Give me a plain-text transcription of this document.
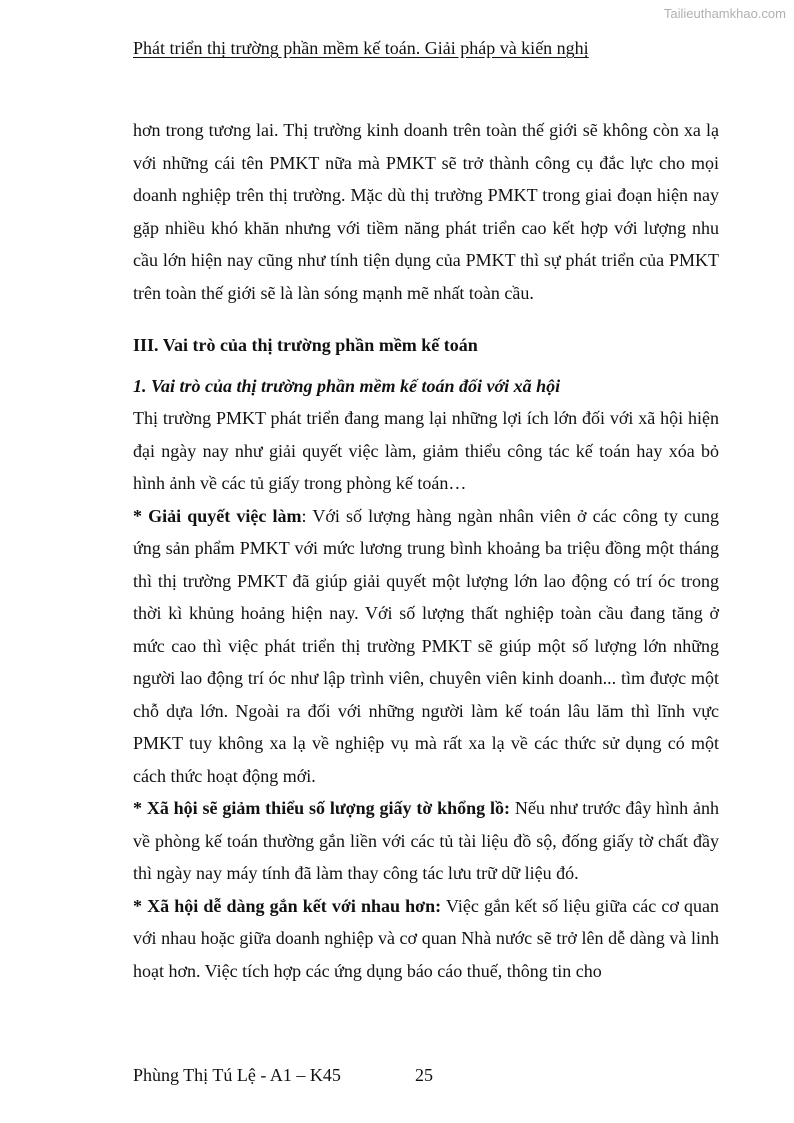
Tailieuthamkhao.com
Phát triển thị trường phần mềm kế toán. Giải pháp và kiến nghị

hơn trong tương lai. Thị trường kinh doanh trên toàn thế giới sẽ không còn xa lạ với những cái tên PMKT nữa mà PMKT sẽ trở thành công cụ đắc lực cho mọi doanh nghiệp trên thị trường. Mặc dù thị trường PMKT trong giai đoạn hiện nay gặp nhiều khó khăn nhưng với tiềm năng phát triển cao kết hợp với lượng nhu cầu lớn hiện nay cũng như tính tiện dụng của PMKT thì sự phát triển của PMKT trên toàn thế giới sẽ là làn sóng mạnh mẽ nhất toàn cầu.

III. Vai trò của thị trường phần mềm kế toán

1. Vai trò của thị trường phần mềm kế toán đối với xã hội

Thị trường PMKT phát triển đang mang lại những lợi ích lớn đối với xã hội hiện đại ngày nay như giải quyết việc làm, giảm thiểu công tác kế toán hay xóa bỏ hình ảnh về các tủ giấy trong phòng kế toán…

* Giải quyết việc làm: Với số lượng hàng ngàn nhân viên ở các công ty cung ứng sản phẩm PMKT với mức lương trung bình khoảng ba triệu đồng một tháng thì thị trường PMKT đã giúp giải quyết một lượng lớn lao động có trí óc trong thời kì khủng hoảng hiện nay. Với số lượng thất nghiệp toàn cầu đang tăng ở mức cao thì việc phát triển thị trường PMKT sẽ giúp một số lượng lớn những người lao động trí óc như lập trình viên, chuyên viên kinh doanh... tìm được một chỗ dựa lớn. Ngoài ra đối với những người làm kế toán lâu lăm thì lĩnh vực PMKT tuy không xa lạ về nghiệp vụ mà rất xa lạ về các thức sử dụng có một cách thức hoạt động mới.

* Xã hội sẽ giảm thiểu số lượng giấy tờ khổng lồ: Nếu như trước đây hình ảnh về phòng kế toán thường gắn liền với các tủ tài liệu đồ sộ, đống giấy tờ chất đầy thì ngày nay máy tính đã làm thay công tác lưu trữ dữ liệu đó.

* Xã hội dễ dàng gắn kết với nhau hơn: Việc gắn kết số liệu giữa các cơ quan với nhau hoặc giữa doanh nghiệp và cơ quan Nhà nước sẽ trở lên dễ dàng và linh hoạt hơn. Việc tích hợp các ứng dụng báo cáo thuế, thông tin cho

Phùng Thị Tú Lệ - A1 – K45	25
